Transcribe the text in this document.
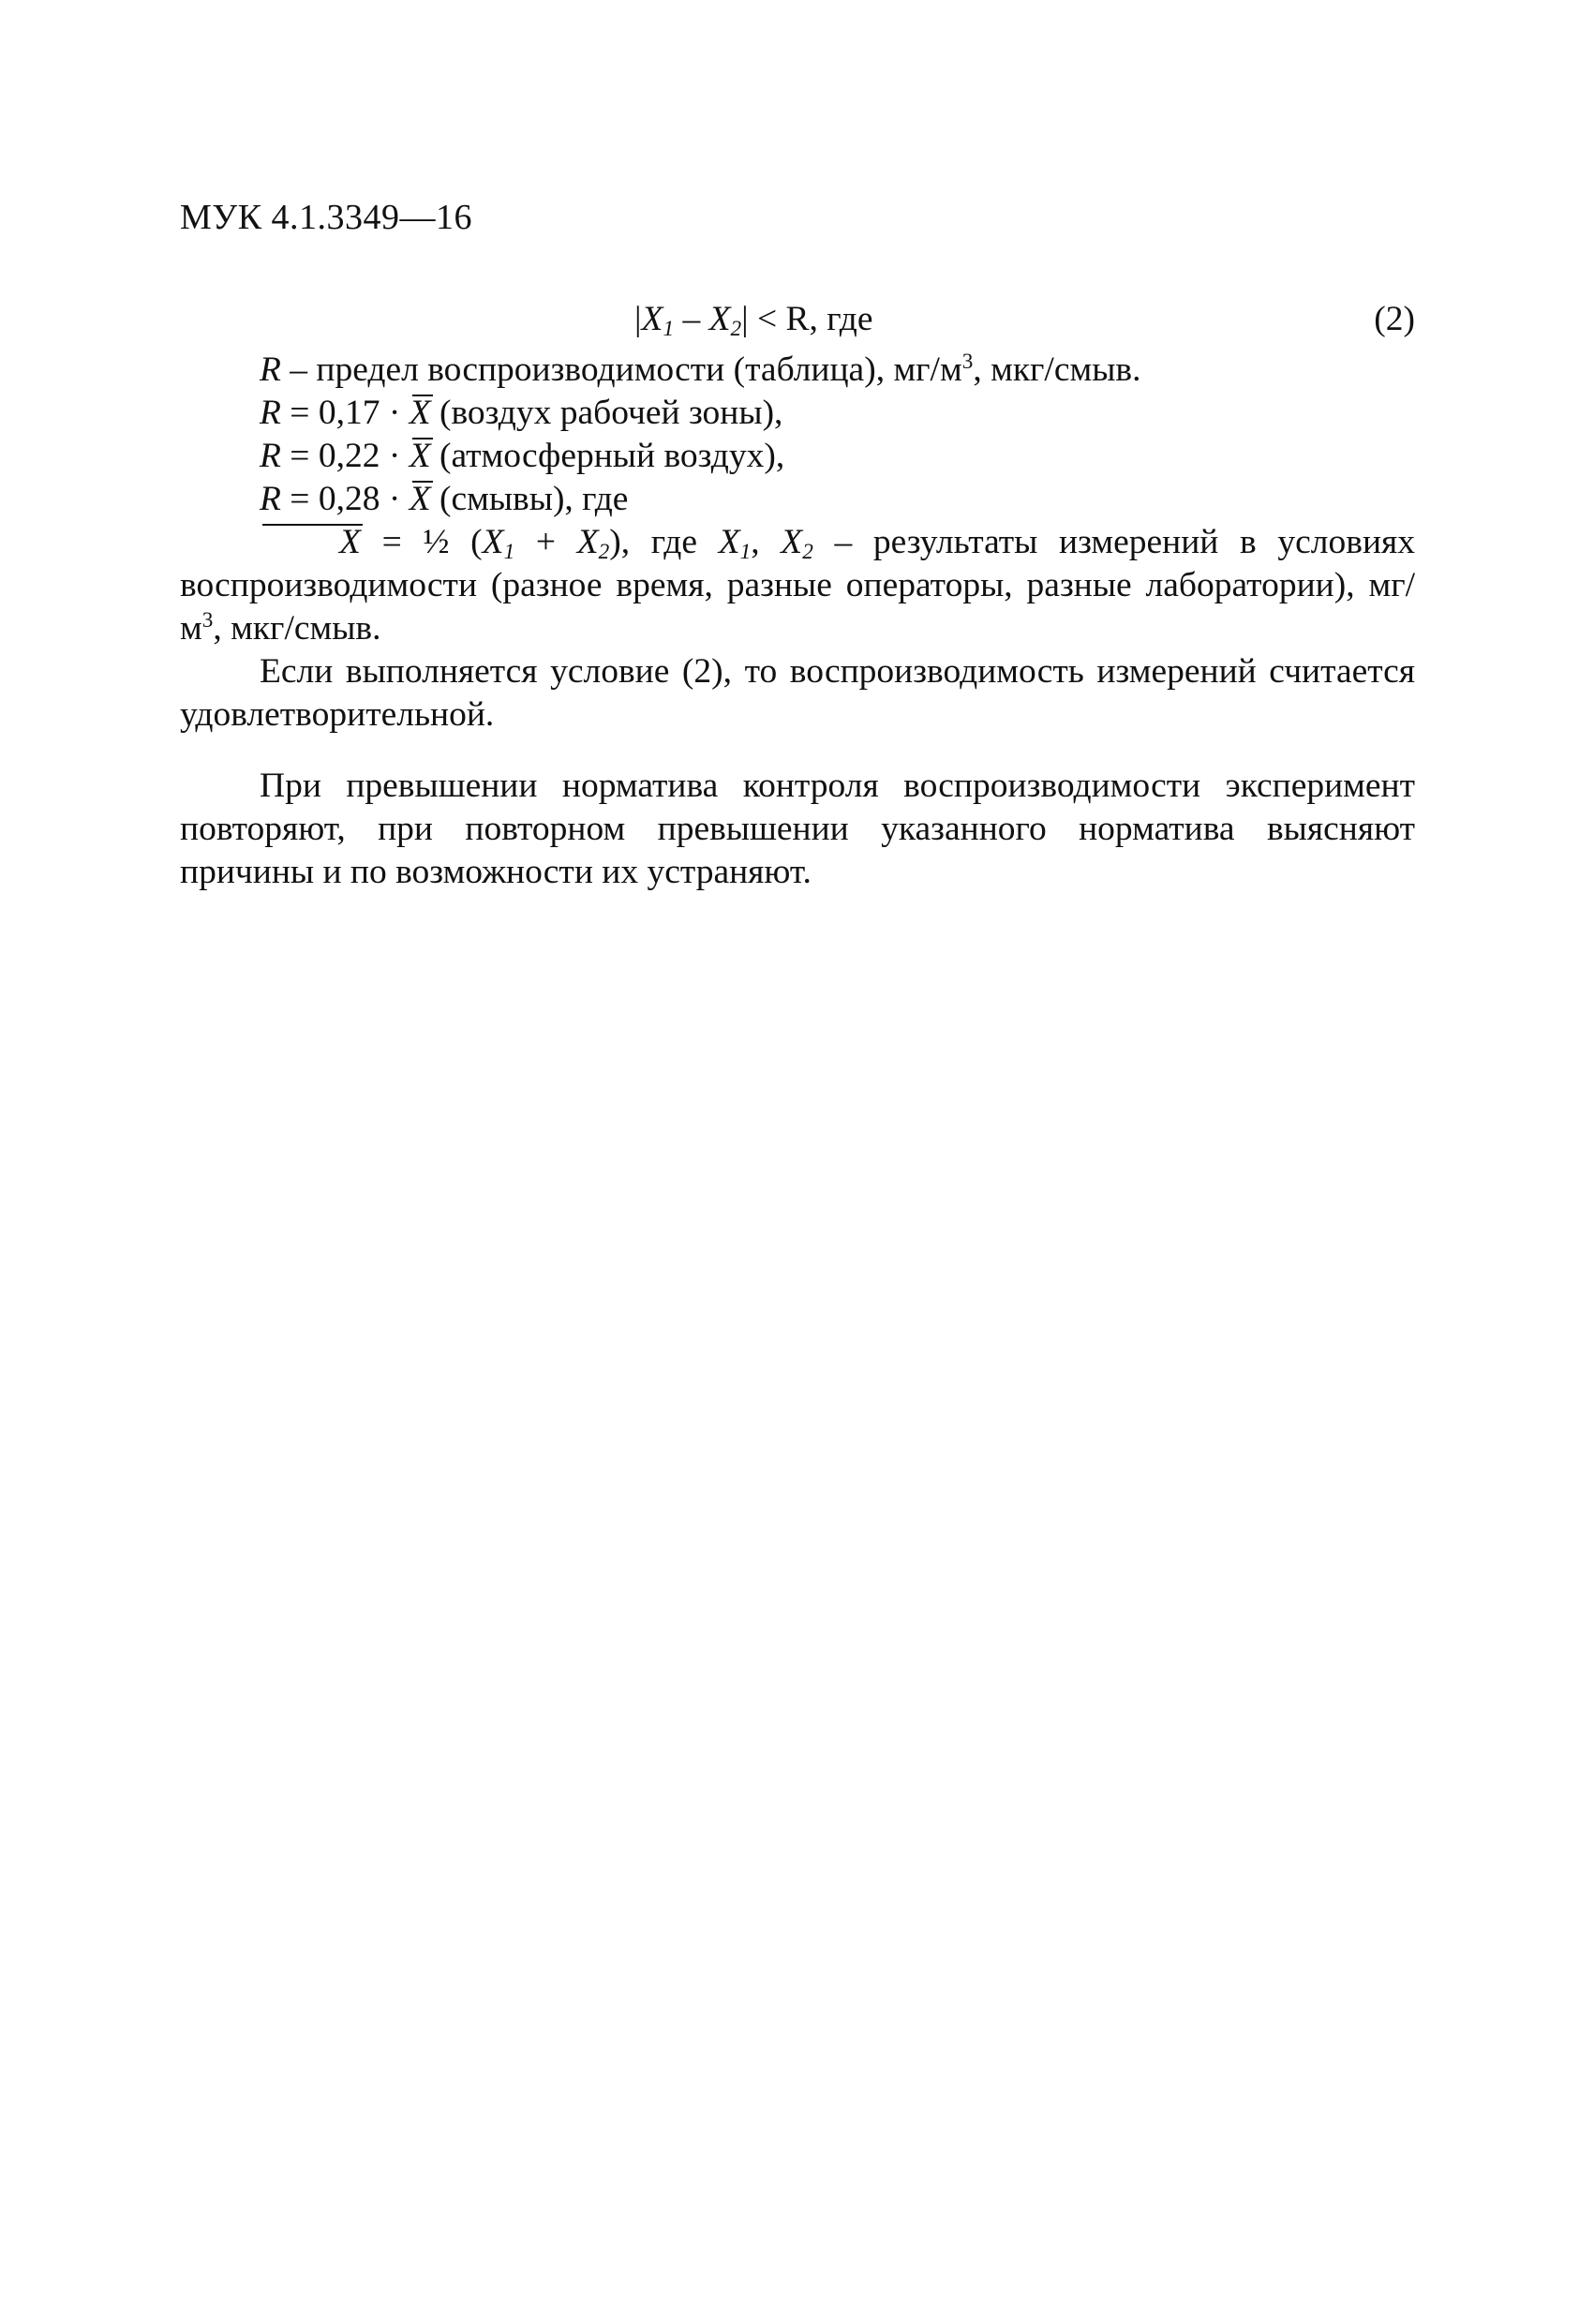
МУК 4.1.3349—16
$|X_1 - X_2| < R$, где	(2)

R – предел воспроизводимости (таблица), $мг/м^3$, мкг/смыв.

R = 0,17 · X (воздух рабочей зоны),

R = 0,22 · X (атмосферный воздух),

R = 0,28 · X (смывы), где

X = ½ $(X_1 + X_2)$, где $X_1$, $X_2$ – результаты измерений в условиях воспроизводимости (разное время, разные операторы, разные лаборатории), $мг/м^3$, мкг/смыв.

Если выполняется условие (2), то воспроизводимость измерений считается удовлетворительной.

При превышении норматива контроля воспроизводимости эксперимент повторяют, при повторном превышении указанного норматива выясняют причины и по возможности их устраняют.
